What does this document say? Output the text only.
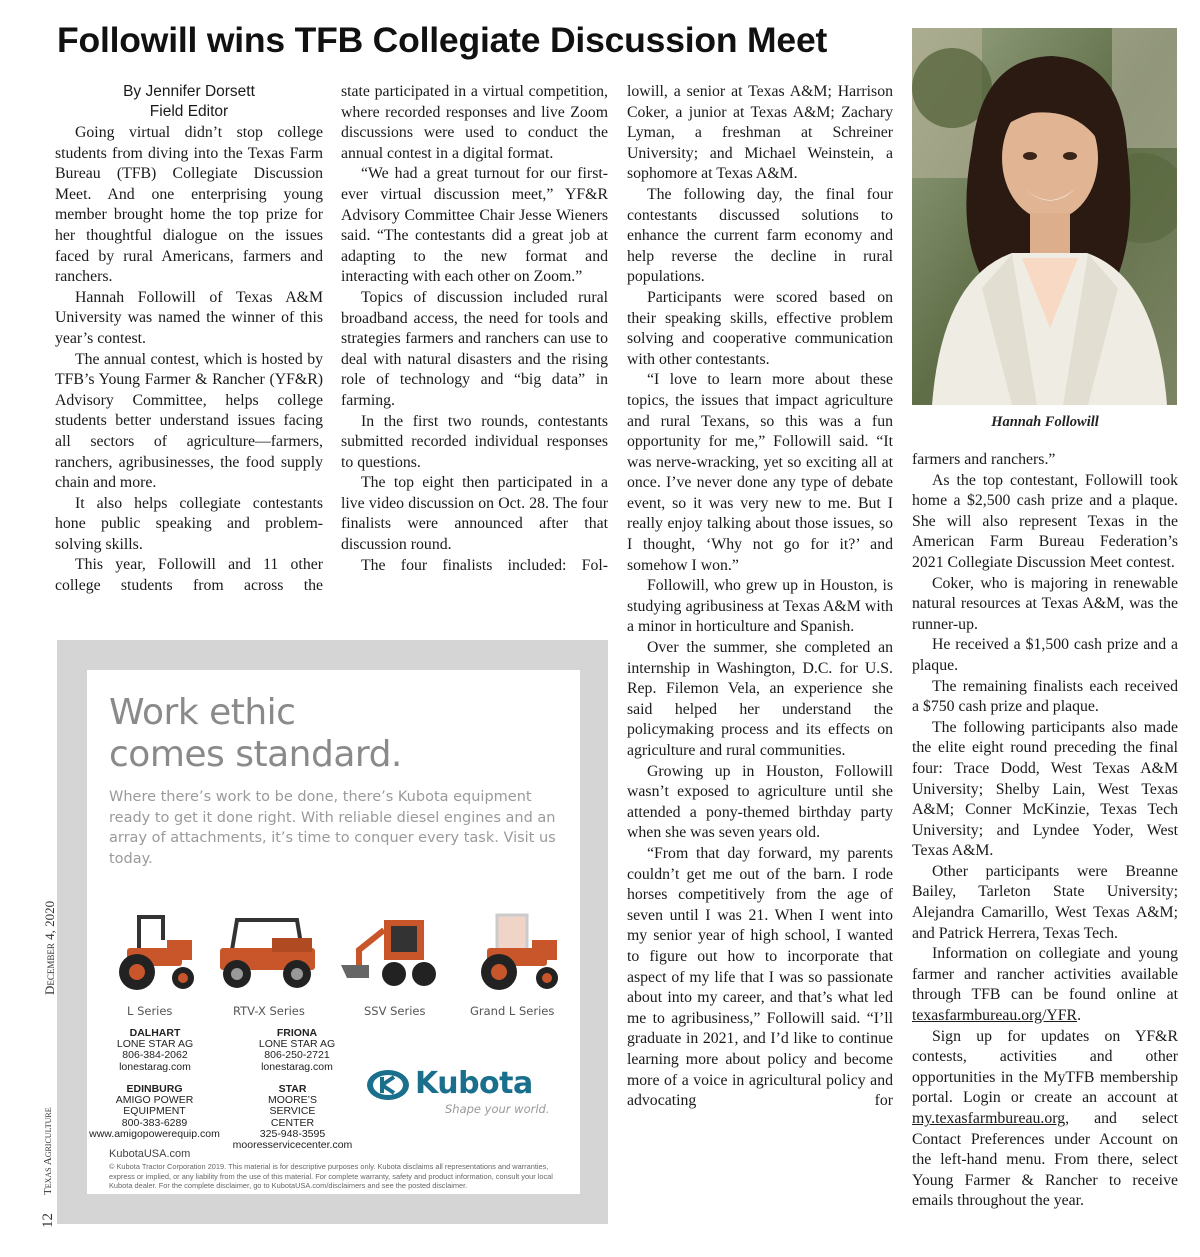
Followill wins TFB Collegiate Discussion Meet
By Jennifer Dorsett
Field Editor

Going virtual didn’t stop college students from diving into the Texas Farm Bureau (TFB) Collegiate Discussion Meet. And one enterprising young member brought home the top prize for her thoughtful dialogue on the issues faced by rural Americans, farmers and ranchers.

Hannah Followill of Texas A&M University was named the winner of this year’s contest.

The annual contest, which is hosted by TFB’s Young Farmer & Rancher (YF&R) Advisory Committee, helps college students better understand issues facing all sectors of agriculture—farmers, ranchers, agribusinesses, the food supply chain and more.

It also helps collegiate contestants hone public speaking and problem-solving skills.

This year, Followill and 11 other college students from across the

state participated in a virtual competition, where recorded responses and live Zoom discussions were used to conduct the annual contest in a digital format.

“We had a great turnout for our first-ever virtual discussion meet,” YF&R Advisory Committee Chair Jesse Wieners said. “The contestants did a great job at adapting to the new format and interacting with each other on Zoom.”

Topics of discussion included rural broadband access, the need for tools and strategies farmers and ranchers can use to deal with natural disasters and the rising role of technology and “big data” in farming.

In the first two rounds, contestants submitted recorded individual responses to questions.

The top eight then participated in a live video discussion on Oct. 28. The four finalists were announced after that discussion round.

The four finalists included: Fol-

lowill, a senior at Texas A&M; Harrison Coker, a junior at Texas A&M; Zachary Lyman, a freshman at Schreiner University; and Michael Weinstein, a sophomore at Texas A&M.

The following day, the final four contestants discussed solutions to enhance the current farm economy and help reverse the decline in rural populations.

Participants were scored based on their speaking skills, effective problem solving and cooperative communication with other contestants.

“I love to learn more about these topics, the issues that impact agriculture and rural Texans, so this was a fun opportunity for me,” Followill said. “It was nerve-wracking, yet so exciting all at once. I’ve never done any type of debate event, so it was very new to me. But I really enjoy talking about those issues, so I thought, ‘Why not go for it?’ and somehow I won.”

Followill, who grew up in Houston, is studying agribusiness at Texas A&M with a minor in horticulture and Spanish.

Over the summer, she completed an internship in Washington, D.C. for U.S. Rep. Filemon Vela, an experience she said helped her understand the policymaking process and its effects on agriculture and rural communities.

Growing up in Houston, Followill wasn’t exposed to agriculture until she attended a pony-themed birthday party when she was seven years old.

“From that day forward, my parents couldn’t get me out of the barn. I rode horses competitively from the age of seven until I was 21. When I went into my senior year of high school, I wanted to figure out how to incorporate that aspect of my life that I was so passionate about into my career, and that’s what led me to agribusiness,” Followill said. “I’ll graduate in 2021, and I’d like to continue learning more about policy and become more of a voice in agricultural policy and advocating for

Hannah Followill

farmers and ranchers.”

As the top contestant, Followill took home a $2,500 cash prize and a plaque. She will also represent Texas in the American Farm Bureau Federation’s 2021 Collegiate Discussion Meet contest.

Coker, who is majoring in renewable natural resources at Texas A&M, was the runner-up.

He received a $1,500 cash prize and a plaque.

The remaining finalists each received a $750 cash prize and plaque.

The following participants also made the elite eight round preceding the final four: Trace Dodd, West Texas A&M University; Shelby Lain, West Texas A&M; Conner McKinzie, Texas Tech University; and Lyndee Yoder, West Texas A&M.

Other participants were Breanne Bailey, Tarleton State University; Alejandra Camarillo, West Texas A&M; and Patrick Herrera, Texas Tech.

Information on collegiate and young farmer and rancher activities available through TFB can be found online at texasfarmbureau.org/YFR.

Sign up for updates on YF&R contests, activities and other opportunities in the MyTFB membership portal. Login or create an account at my.texasfarmbureau.org, and select Contact Preferences under Account on the left-hand menu. From there, select Young Farmer & Rancher to receive emails throughout the year.

December 4, 2020
Texas Agriculture
12
Work ethic
comes standard.
Where there’s work to be done, there’s Kubota equipment ready to get it done right. With reliable diesel engines and an array of attachments, it’s time to conquer every task. Visit us today.
L Series	RTV-X Series	SSV Series	Grand L Series
DALHART
LONE STAR AG
806-384-2062
lonestarag.com
FRIONA
LONE STAR AG
806-250-2721
lonestarag.com
EDINBURG
AMIGO POWER EQUIPMENT
800-383-6289
www.amigopowerequip.com
STAR
MOORE’S SERVICE CENTER
325-948-3595
mooresservicecenter.com
Kubota
Shape your world.
KubotaUSA.com
© Kubota Tractor Corporation 2019. This material is for descriptive purposes only. Kubota disclaims all representations and warranties, express or implied, or any liability from the use of this material. For complete warranty, safety and product information, consult your local Kubota dealer. For the complete disclaimer, go to KubotaUSA.com/disclaimers and see the posted disclaimer.
